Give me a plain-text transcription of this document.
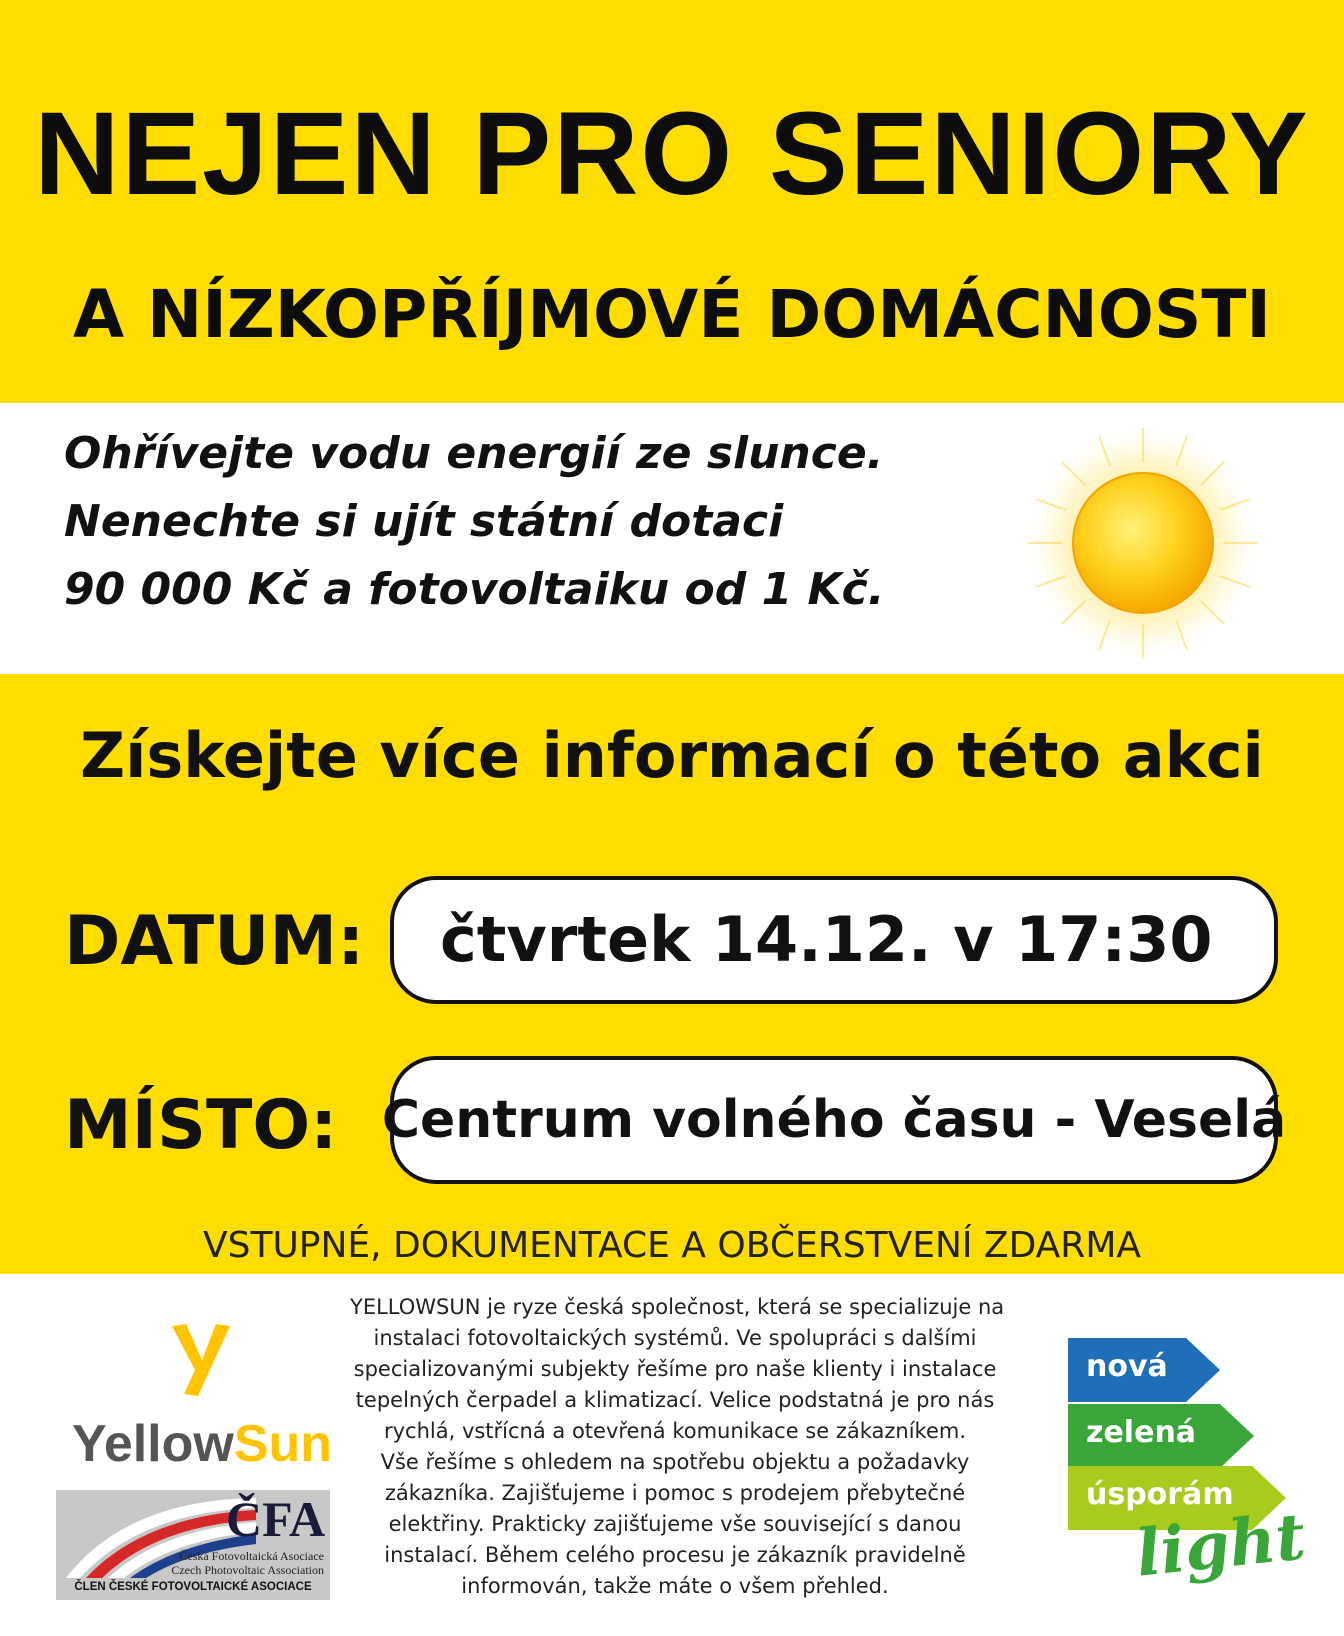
NEJEN PRO SENIORY
A NÍZKOPŘÍJMOVÉ DOMÁCNOSTI
Ohřívejte vodu energií ze slunce.
Nenechte si ujít státní dotaci
90 000 Kč a fotovoltaiku od 1 Kč.
Získejte více informací o této akci
DATUM:	čtvrtek 14.12. v 17:30
MÍSTO: Centrum volného času - Veselá
VSTUPNÉ, DOKUMENTACE A OBČERSTVENÍ ZDARMA
YELLOWSUN je ryze česká společnost, která se specializuje na
instalaci fotovoltaických systémů. Ve spolupráci s dalšími
specializovanými subjekty řešíme pro naše klienty i instalace
tepelných čerpadel a klimatizací. Velice podstatná je pro nás
rychlá, vstřícná a otevřená komunikace se zákazníkem.
Vše řešíme s ohledem na spotřebu objektu a požadavky
zákazníka. Zajišťujeme i pomoc s prodejem přebytečné
elektřiny. Prakticky zajišťujeme vše související s danou
instalací. Během celého procesu je zákazník pravidelně
informován, takže máte o všem přehled.
YellowSun
ČFA
Česká Fotovoltaická Asociace
Czech Photovoltaic Association
ČLEN ČESKÉ FOTOVOLTAICKÉ ASOCIACE
nová
zelená
úsporám
light
